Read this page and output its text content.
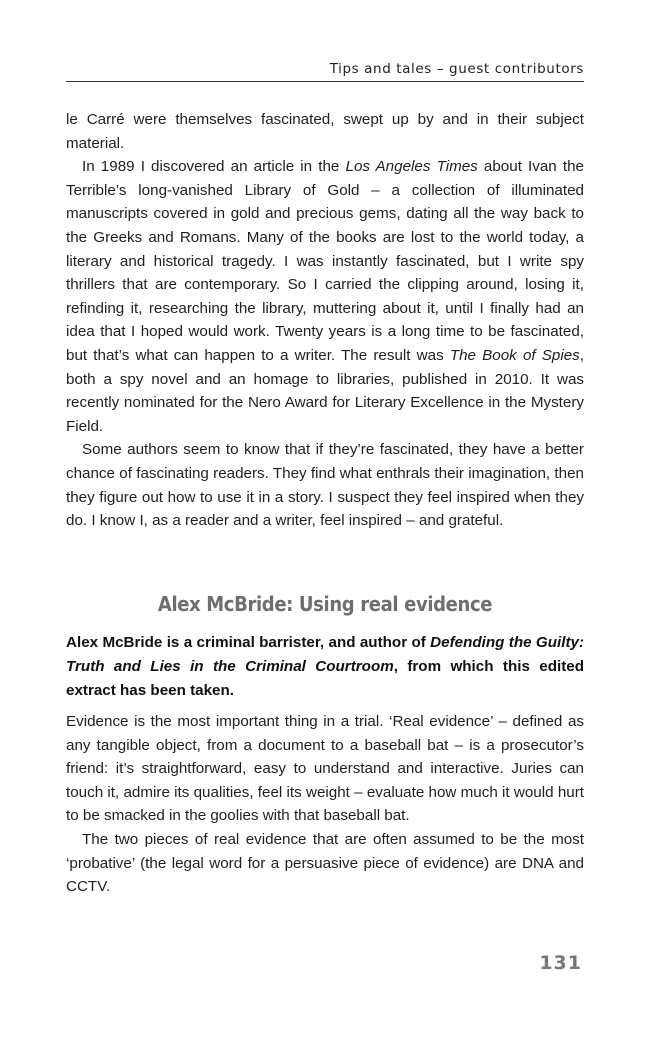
Tips and tales – guest contributors

le Carré were themselves fascinated, swept up by and in their subject material.

In 1989 I discovered an article in the Los Angeles Times about Ivan the Terrible’s long-vanished Library of Gold – a collection of illuminated manuscripts covered in gold and precious gems, dating all the way back to the Greeks and Romans. Many of the books are lost to the world today, a literary and historical tragedy. I was instantly fascinated, but I write spy thrillers that are contemporary. So I carried the clipping around, losing it, refinding it, researching the library, muttering about it, until I finally had an idea that I hoped would work. Twenty years is a long time to be fascinated, but that’s what can happen to a writer. The result was The Book of Spies, both a spy novel and an homage to libraries, published in 2010. It was recently nominated for the Nero Award for Literary Excellence in the Mystery Field.

Some authors seem to know that if they’re fascinated, they have a better chance of fascinating readers. They find what enthrals their imagination, then they figure out how to use it in a story. I suspect they feel inspired when they do. I know I, as a reader and a writer, feel inspired – and grateful.

Alex McBride: Using real evidence

Alex McBride is a criminal barrister, and author of Defending the Guilty: Truth and Lies in the Criminal Courtroom, from which this edited extract has been taken.

Evidence is the most important thing in a trial. ‘Real evidence’ – defined as any tangible object, from a document to a baseball bat – is a prosecutor’s friend: it’s straightforward, easy to understand and interactive. Juries can touch it, admire its qualities, feel its weight – evaluate how much it would hurt to be smacked in the goolies with that baseball bat.

The two pieces of real evidence that are often assumed to be the most ‘probative’ (the legal word for a persuasive piece of evidence) are DNA and CCTV.

131
